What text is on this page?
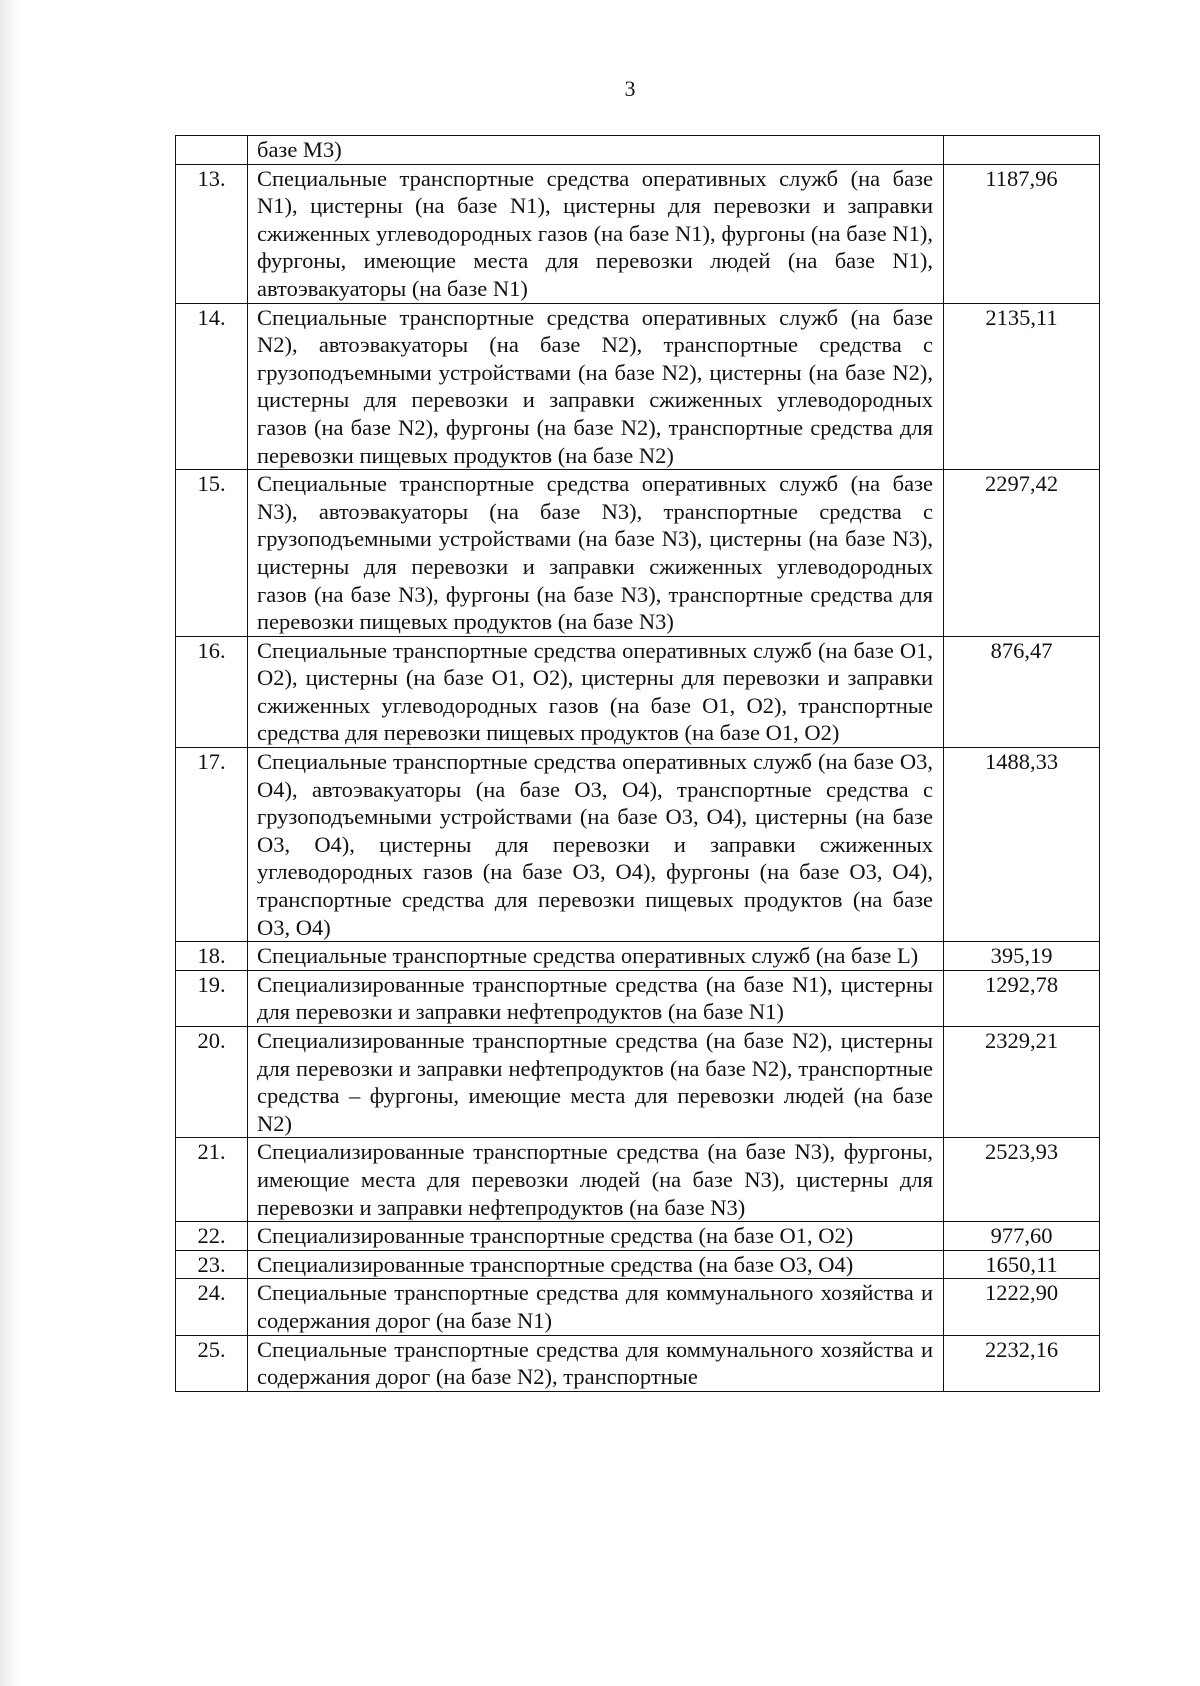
3
	базе М3)	
13.	Специальные транспортные средства оперативных служб (на базе N1), цистерны (на базе N1), цистерны для перевозки и заправки сжиженных углеводородных газов (на базе N1), фургоны (на базе N1), фургоны, имеющие места для перевозки людей (на базе N1), автоэвакуаторы (на базе N1)	1187,96
14.	Специальные транспортные средства оперативных служб (на базе N2), автоэвакуаторы (на базе N2), транспортные средства с грузоподъемными устройствами (на базе N2), цистерны (на базе N2), цистерны для перевозки и заправки сжиженных углеводородных газов (на базе N2), фургоны (на базе N2), транспортные средства для перевозки пищевых продуктов (на базе N2)	2135,11
15.	Специальные транспортные средства оперативных служб (на базе N3), автоэвакуаторы (на базе N3), транспортные средства с грузоподъемными устройствами (на базе N3), цистерны (на базе N3), цистерны для перевозки и заправки сжиженных углеводородных газов (на базе N3), фургоны (на базе N3), транспортные средства для перевозки пищевых продуктов (на базе N3)	2297,42
16.	Специальные транспортные средства оперативных служб (на базе O1, O2), цистерны (на базе O1, O2), цистерны для перевозки и заправки сжиженных углеводородных газов (на базе O1, O2), транспортные средства для перевозки пищевых продуктов (на базе O1, O2)	876,47
17.	Специальные транспортные средства оперативных служб (на базе O3, O4), автоэвакуаторы (на базе O3, O4), транспортные средства с грузоподъемными устройствами (на базе O3, O4), цистерны (на базе O3, O4), цистерны для перевозки и заправки сжиженных углеводородных газов (на базе O3, O4), фургоны (на базе O3, O4), транспортные средства для перевозки пищевых продуктов (на базе O3, O4)	1488,33
18.	Специальные транспортные средства оперативных служб (на базе L)	395,19
19.	Специализированные транспортные средства (на базе N1), цистерны для перевозки и заправки нефтепродуктов (на базе N1)	1292,78
20.	Специализированные транспортные средства (на базе N2), цистерны для перевозки и заправки нефтепродуктов (на базе N2), транспортные средства – фургоны, имеющие места для перевозки людей (на базе N2)	2329,21
21.	Специализированные транспортные средства (на базе N3), фургоны, имеющие места для перевозки людей (на базе N3), цистерны для перевозки и заправки нефтепродуктов (на базе N3)	2523,93
22.	Специализированные транспортные средства (на базе O1, O2)	977,60
23.	Специализированные транспортные средства (на базе O3, O4)	1650,11
24.	Специальные транспортные средства для коммунального хозяйства и содержания дорог (на базе N1)	1222,90
25.	Специальные транспортные средства для коммунального хозяйства и содержания дорог (на базе N2), транспортные	2232,16
